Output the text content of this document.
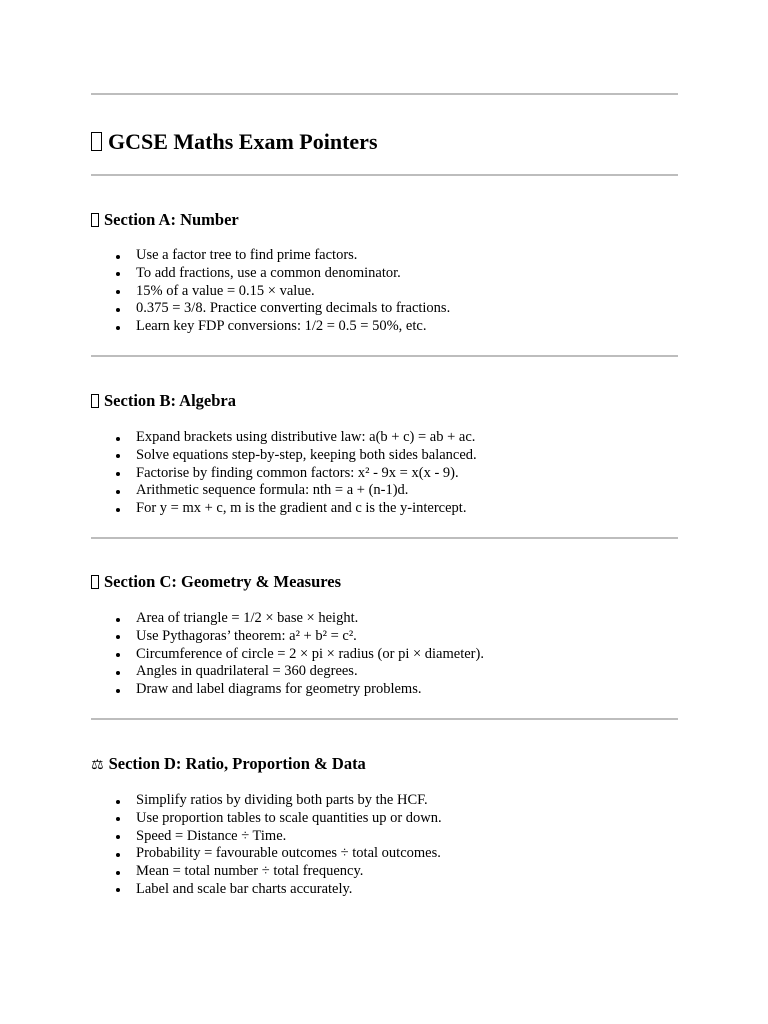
GCSE Maths Exam Pointers
Section A: Number
Use a factor tree to find prime factors.
To add fractions, use a common denominator.
15% of a value = 0.15 × value.
0.375 = 3/8. Practice converting decimals to fractions.
Learn key FDP conversions: 1/2 = 0.5 = 50%, etc.
Section B: Algebra
Expand brackets using distributive law: a(b + c) = ab + ac.
Solve equations step-by-step, keeping both sides balanced.
Factorise by finding common factors: x² - 9x = x(x - 9).
Arithmetic sequence formula: nth = a + (n-1)d.
For y = mx + c, m is the gradient and c is the y-intercept.
Section C: Geometry & Measures
Area of triangle = 1/2 × base × height.
Use Pythagoras’ theorem: a² + b² = c².
Circumference of circle = 2 × pi × radius (or pi × diameter).
Angles in quadrilateral = 360 degrees.
Draw and label diagrams for geometry problems.
⚖ Section D: Ratio, Proportion & Data
Simplify ratios by dividing both parts by the HCF.
Use proportion tables to scale quantities up or down.
Speed = Distance ÷ Time.
Probability = favourable outcomes ÷ total outcomes.
Mean = total number ÷ total frequency.
Label and scale bar charts accurately.
